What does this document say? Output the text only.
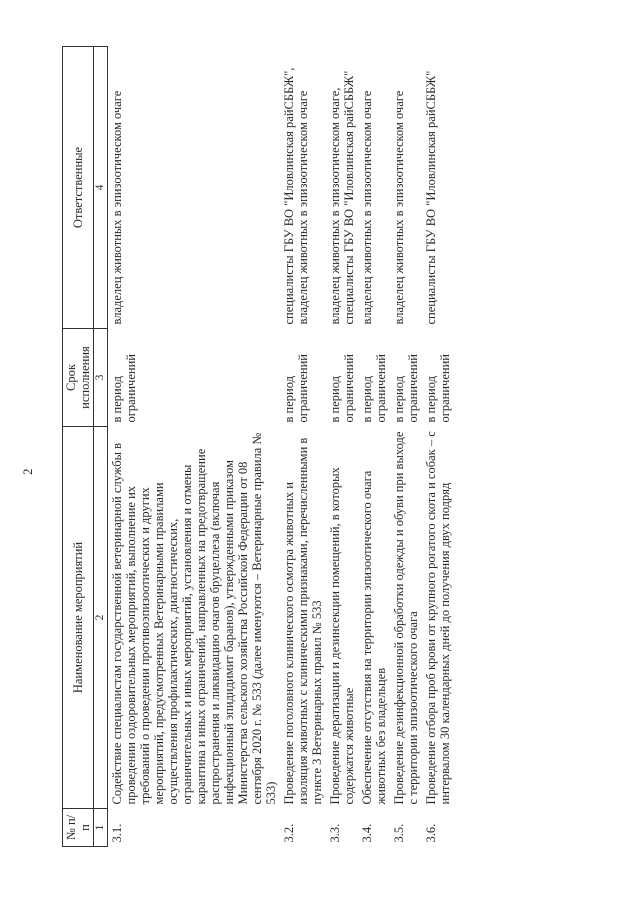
2
№ п/п	Наименование мероприятий	Срок исполнения	Ответственные
1	2	3	4
3.1.	Содействие специалистам государственной ветеринарной службы в проведении оздоровительных мероприятий, выполнение их требований о проведении противоэпизоотических и других мероприятий, предусмотренных Ветеринарными правилами осуществления профилактических, диагностических, ограничительных и иных мероприятий, установления и отмены карантина и иных ограничений, направленных на предотвращение распространения и ликвидацию очагов бруцеллеза (включая инфекционный эпидидимит баранов), утвержденными приказом Министерства сельского хозяйства Российской Федерации от 08 сентября 2020 г. № 533 (далее именуются – Ветеринарные правила № 533)	в период ограничений	владелец животных в эпизоотическом очаге
3.2.	Проведение поголовного клинического осмотра животных и изоляция животных с клиническими признаками, перечисленными в пункте 3 Ветеринарных правил № 533	в период ограничений	специалисты ГБУ ВО "Иловлинская райСББЖ", владелец животных в эпизоотическом очаге
3.3.	Проведение дератизации и дезинсекции помещений, в которых содержатся животные	в период ограничений	владелец животных в эпизоотическом очаге, специалисты ГБУ ВО "Иловлинская райСББЖ"
3.4.	Обеспечение отсутствия на территории эпизоотического очага животных без владельцев	в период ограничений	владелец животных в эпизоотическом очаге
3.5.	Проведение дезинфекционной обработки одежды и обуви при выходе с территории эпизоотического очага	в период ограничений	владелец животных в эпизоотическом очаге
3.6.	Проведение отбора проб крови от крупного рогатого скота и собак – с интервалом 30 календарных дней до получения двух подряд	в период ограничений	специалисты ГБУ ВО "Иловлинская райСББЖ"
